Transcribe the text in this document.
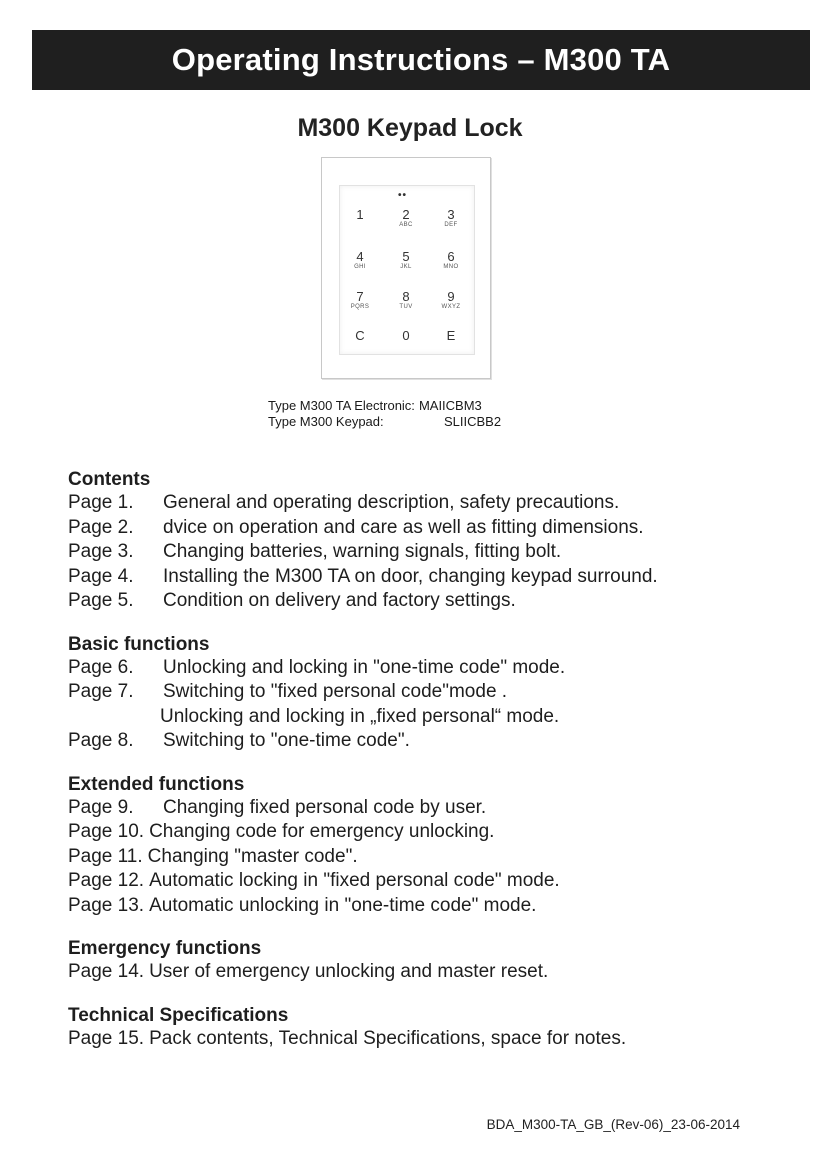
Operating Instructions – M300 TA
M300 Keypad Lock
••
1	2
ABC
3
DEF
4
GHI
5
JKL
6
MNO
7
PQRS
8
TUV
9
WXYZ
C	0	E
Type M300 TA Electronic: MAIICBM3
Type M300 Keypad:	SLIICBB2
Contents
Page 1.	General and operating description, safety precautions.
Page 2.	dvice on operation and care as well as fitting dimensions.
Page 3.	Changing batteries, warning signals, fitting bolt.
Page 4.	Installing the M300 TA on door, changing keypad surround.
Page 5.	Condition on delivery and factory settings.
Basic functions
Page 6.	Unlocking and locking in "one-time code" mode.
Page 7.	Switching to "fixed personal code"mode .
Unlocking and locking in „fixed personal“ mode.
Page 8.	Switching to "one-time code".
Extended functions
Page 9.	Changing fixed personal code by user.
Page 10. Changing code for emergency unlocking.
Page 11. Changing "master code".
Page 12. Automatic locking in "fixed personal code" mode.
Page 13. Automatic unlocking in "one-time code" mode.
Emergency functions
Page 14. User of emergency unlocking and master reset.
Technical Specifications
Page 15. Pack contents, Technical Specifications, space for notes.
BDA_M300-TA_GB_(Rev-06)_23-06-2014
